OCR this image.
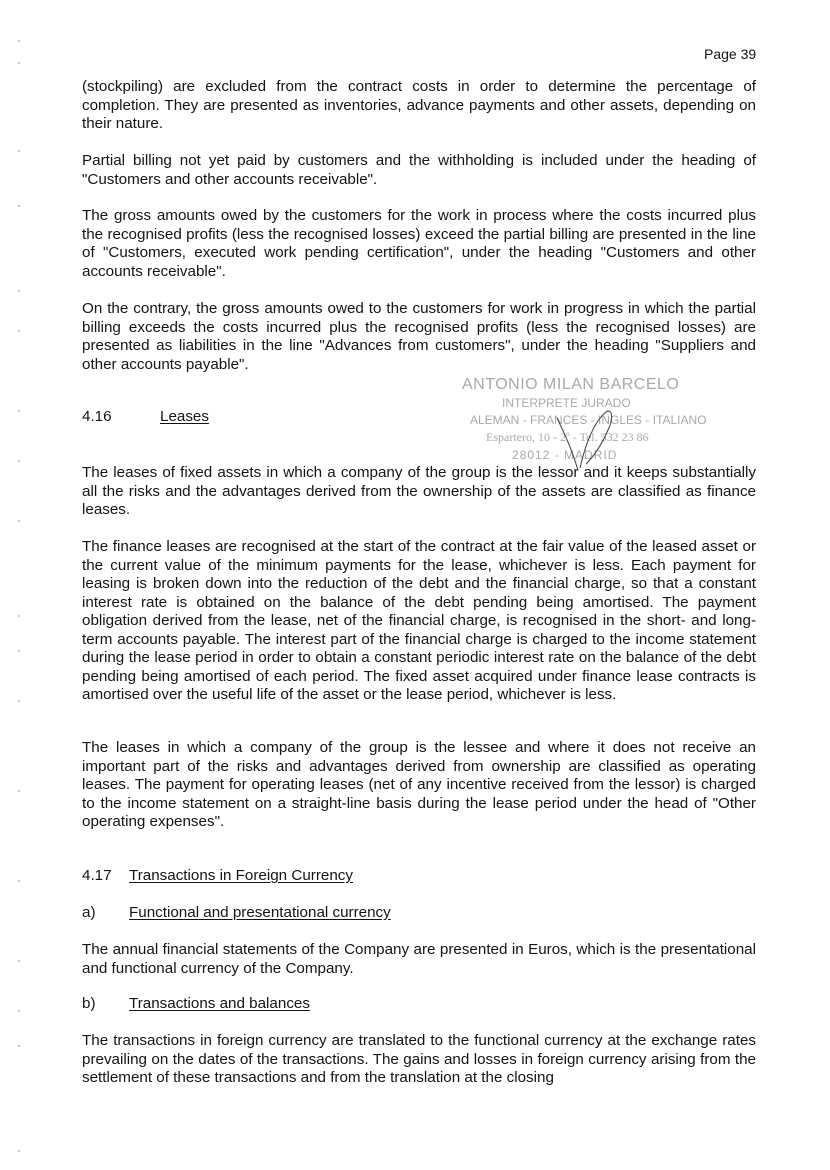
Page 39

(stockpiling) are excluded from the contract costs in order to determine the percentage of completion. They are presented as inventories, advance payments and other assets, depending on their nature.

Partial billing not yet paid by customers and the withholding is included under the heading of "Customers and other accounts receivable".

The gross amounts owed by the customers for the work in process where the costs incurred plus the recognised profits (less the recognised losses) exceed the partial billing are presented in the line of "Customers, executed work pending certification", under the heading "Customers and other accounts receivable".

On the contrary, the gross amounts owed to the customers for work in progress in which the partial billing exceeds the costs incurred plus the recognised profits (less the recognised losses) are presented as liabilities in the line "Advances from customers", under the heading "Suppliers and other accounts payable".

4.16	Leases
ANTONIO MILAN BARCELO
INTERPRETE JURADO
ALEMAN - FRANCES - INGLES - ITALIANO
Espartero, 10 - 2º - Tel. 532 23 86
28012 - MADRID

The leases of fixed assets in which a company of the group is the lessor and it keeps substantially all the risks and the advantages derived from the ownership of the assets are classified as finance leases.

The finance leases are recognised at the start of the contract at the fair value of the leased asset or the current value of the minimum payments for the lease, whichever is less. Each payment for leasing is broken down into the reduction of the debt and the financial charge, so that a constant interest rate is obtained on the balance of the debt pending being amortised. The payment obligation derived from the lease, net of the financial charge, is recognised in the short- and long-term accounts payable. The interest part of the financial charge is charged to the income statement during the lease period in order to obtain a constant periodic interest rate on the balance of the debt pending being amortised of each period. The fixed asset acquired under finance lease contracts is amortised over the useful life of the asset or the lease period, whichever is less.

The leases in which a company of the group is the lessee and where it does not receive an important part of the risks and advantages derived from ownership are classified as operating leases. The payment for operating leases (net of any incentive received from the lessor) is charged to the income statement on a straight-line basis during the lease period under the head of "Other operating expenses".

4.17 Transactions in Foreign Currency
a) Functional and presentational currency

The annual financial statements of the Company are presented in Euros, which is the presentational and functional currency of the Company.

b) Transactions and balances

The transactions in foreign currency are translated to the functional currency at the exchange rates prevailing on the dates of the transactions. The gains and losses in foreign currency arising from the settlement of these transactions and from the translation at the closing
